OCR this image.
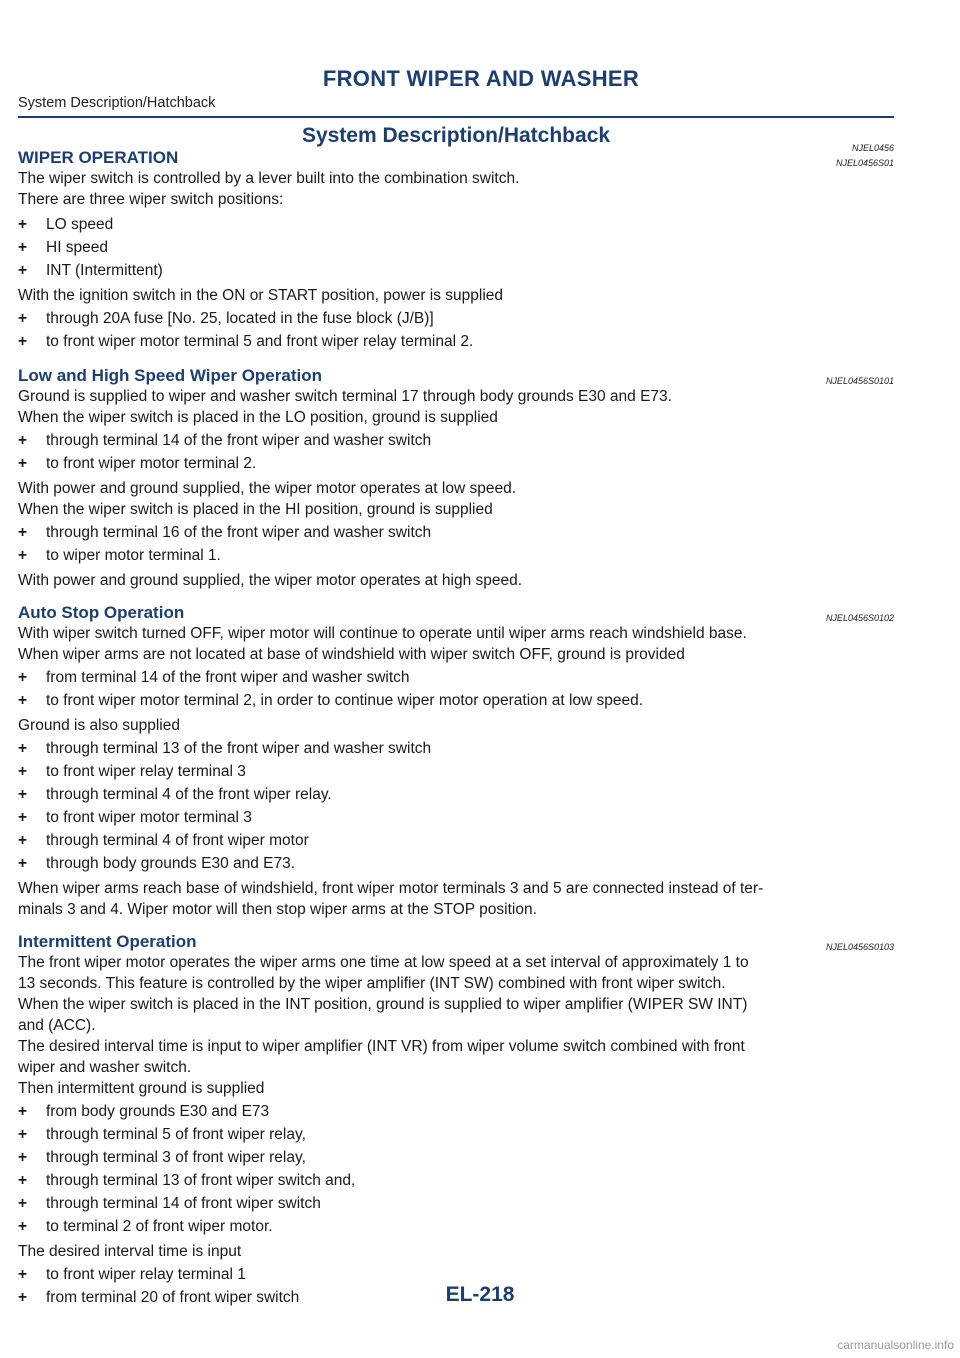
FRONT WIPER AND WASHER
System Description/Hatchback
System Description/Hatchback
NJEL0456
WIPER OPERATION	NJEL0456S01

The wiper switch is controlled by a lever built into the combination switch.

There are three wiper switch positions:

+ LO speed
+ HI speed
+ INT (Intermittent)

With the ignition switch in the ON or START position, power is supplied

+ through 20A fuse [No. 25, located in the fuse block (J/B)]
+ to front wiper motor terminal 5 and front wiper relay terminal 2.
Low and High Speed Wiper Operation	NJEL0456S0101

Ground is supplied to wiper and washer switch terminal 17 through body grounds E30 and E73.

When the wiper switch is placed in the LO position, ground is supplied

+ through terminal 14 of the front wiper and washer switch
+ to front wiper motor terminal 2.

With power and ground supplied, the wiper motor operates at low speed.

When the wiper switch is placed in the HI position, ground is supplied

+ through terminal 16 of the front wiper and washer switch
+ to wiper motor terminal 1.

With power and ground supplied, the wiper motor operates at high speed.

Auto Stop Operation	NJEL0456S0102

With wiper switch turned OFF, wiper motor will continue to operate until wiper arms reach windshield base.

When wiper arms are not located at base of windshield with wiper switch OFF, ground is provided

+ from terminal 14 of the front wiper and washer switch
+ to front wiper motor terminal 2, in order to continue wiper motor operation at low speed.

Ground is also supplied

+ through terminal 13 of the front wiper and washer switch
+ to front wiper relay terminal 3
+ through terminal 4 of the front wiper relay.
+ to front wiper motor terminal 3
+ through terminal 4 of front wiper motor
+ through body grounds E30 and E73.

When wiper arms reach base of windshield, front wiper motor terminals 3 and 5 are connected instead of ter-

minals 3 and 4. Wiper motor will then stop wiper arms at the STOP position.

Intermittent Operation	NJEL0456S0103

The front wiper motor operates the wiper arms one time at low speed at a set interval of approximately 1 to

13 seconds. This feature is controlled by the wiper amplifier (INT SW) combined with front wiper switch.

When the wiper switch is placed in the INT position, ground is supplied to wiper amplifier (WIPER SW INT)

and (ACC).

The desired interval time is input to wiper amplifier (INT VR) from wiper volume switch combined with front

wiper and washer switch.

Then intermittent ground is supplied

+ from body grounds E30 and E73
+ through terminal 5 of front wiper relay,
+ through terminal 3 of front wiper relay,
+ through terminal 13 of front wiper switch and,
+ through terminal 14 of front wiper switch
+ to terminal 2 of front wiper motor.

The desired interval time is input

+ to front wiper relay terminal 1
+ from terminal 20 of front wiper switch	EL-218
carmanualsonline.info
